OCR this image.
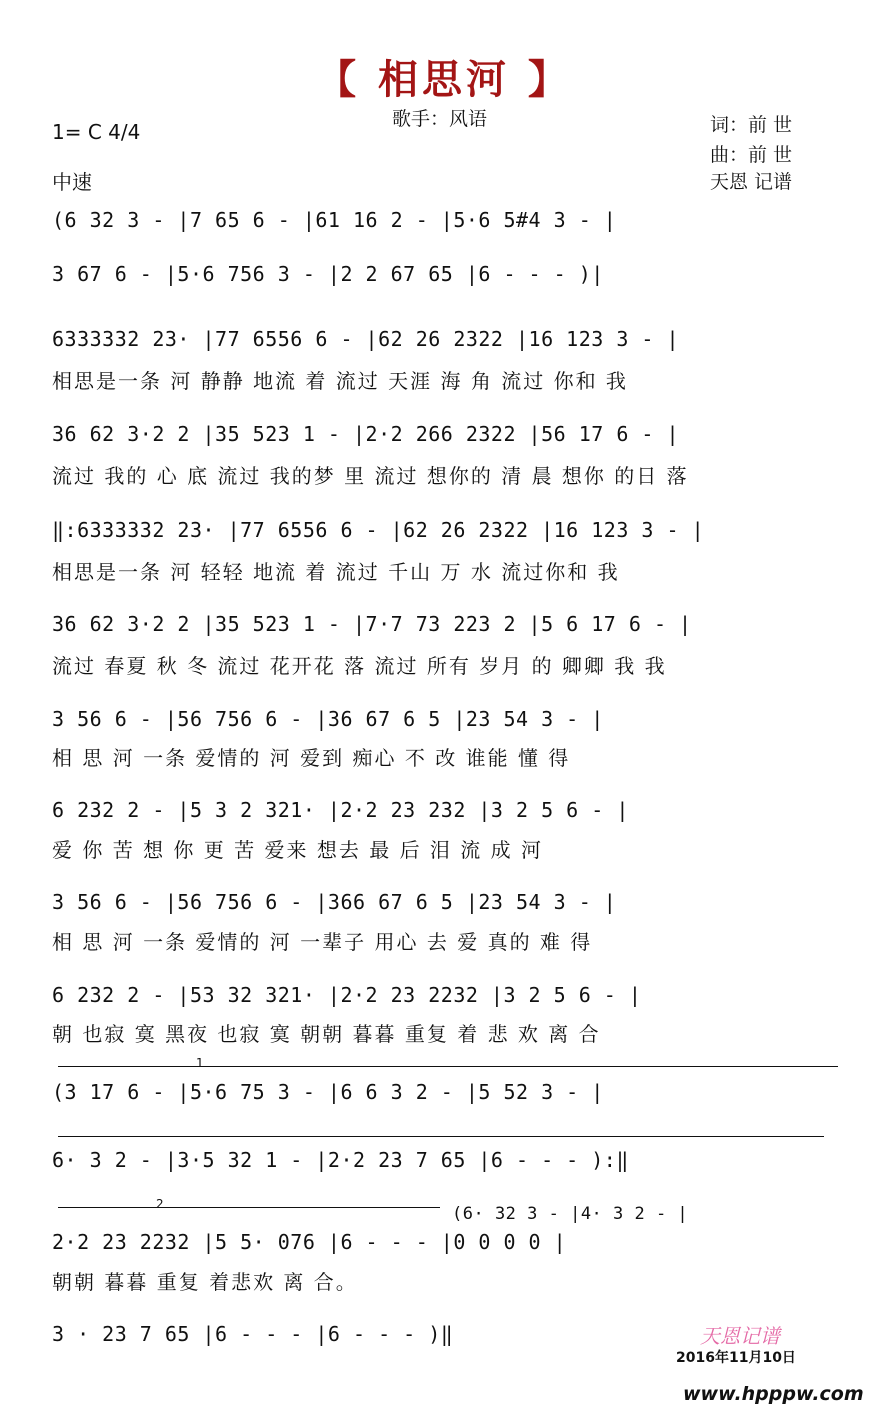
【 相思河 】
歌手：风语
1= C 4/4
中速
词：前 世
曲：前 世
天恩 记谱
(6 32 3 - |7 65 6 - |61 16 2 - |5·6 5#4 3 - |
3 67 6 - |5·6 756 3 - |2 2 67 65 |6 - - - )|
6333332 23· |77 6556 6 - |62 26 2322 |16 123 3 - |
相思是一条 河 静静 地流 着 流过 天涯 海 角 流过 你和 我
36 62 3·2 2 |35 523 1 - |2·2 266 2322 |56 17 6 - |
流过 我的 心 底 流过 我的梦 里 流过 想你的 清 晨 想你 的日 落
‖:6333332 23· |77 6556 6 - |62 26 2322 |16 123 3 - |
相思是一条 河 轻轻 地流 着 流过 千山 万 水 流过你和 我
36 62 3·2 2 |35 523 1 - |7·7 73 223 2 |5 6 17 6 - |
流过 春夏 秋 冬 流过 花开花 落 流过 所有 岁月 的 卿卿 我 我
3 56 6 - |56 756 6 - |36 67 6 5 |23 54 3 - |
相 思 河 一条 爱情的 河 爱到 痴心 不 改 谁能 懂 得
6 232 2 - |5 3 2 321· |2·2 23 232 |3 2 5 6 - |
爱 你 苦 想 你 更 苦 爱来 想去 最 后 泪 流 成 河
3 56 6 - |56 756 6 - |366 67 6 5 |23 54 3 - |
相 思 河 一条 爱情的 河 一辈子 用心 去 爱 真的 难 得
6 232 2 - |53 32 321· |2·2 23 2232 |3 2 5 6 - |
朝 也寂 寞 黑夜 也寂 寞 朝朝 暮暮 重复 着 悲 欢 离 合
1
(3 17 6 - |5·6 75 3 - |6 6 3 2 - |5 52 3 - |
6· 3 2 - |3·5 32 1 - |2·2 23 7 65 |6 - - - ):‖
2	(6· 32 3 - |4· 3 2 - |
2·2 23 2232 |5 5· 076 |6 - - - |0 0 0 0 |
朝朝 暮暮 重复 着悲欢 离 合。
3 · 23 7 65 |6 - - - |6 - - - )‖	天恩记谱
2016年11月10日
www.hpppw.com
